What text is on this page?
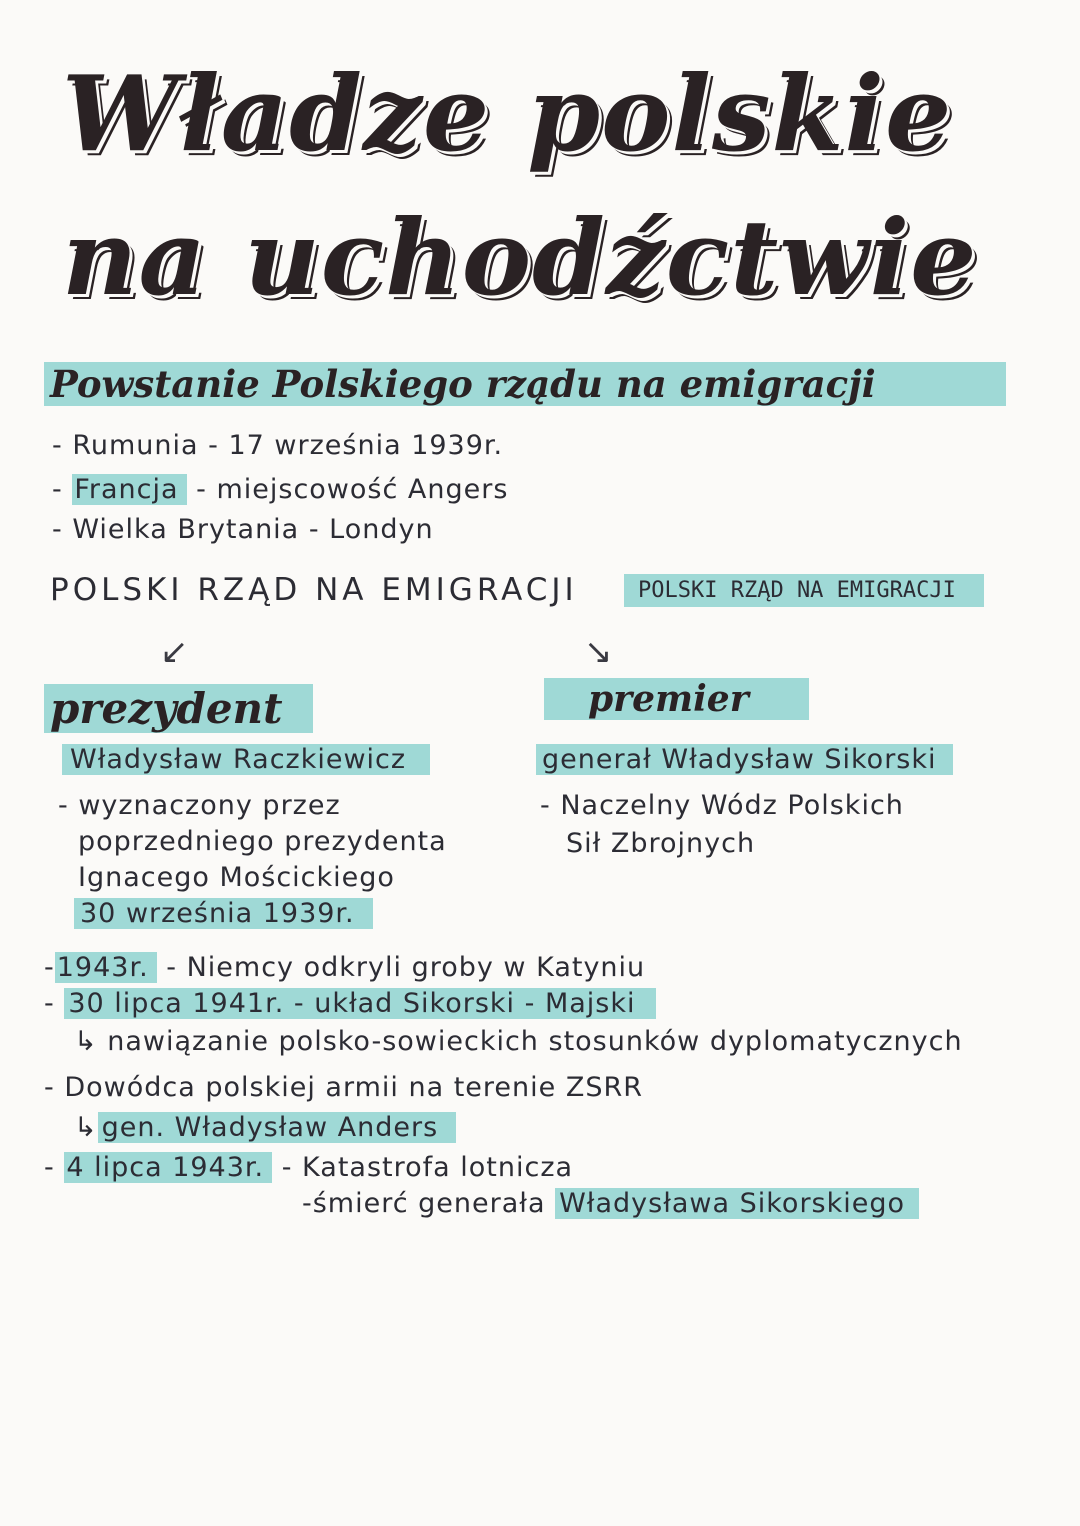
Władze polskie
na uchodźctwie
Powstanie Polskiego rządu na emigracji
- Rumunia - 17 września 1939r.
- Francja - miejscowość Angers
- Wielka Brytania - Londyn
POLSKI RZĄD NA EMIGRACJI	POLSKI RZĄD NA EMIGRACJI
↙	↘
prezydent
Władysław Raczkiewicz
- wyznaczony przez
poprzedniego prezydenta
Ignacego Mościckiego
30 września 1939r.
premier
generał Władysław Sikorski
- Naczelny Wódz Polskich
Sił Zbrojnych
-1943r. - Niemcy odkryli groby w Katyniu
- 30 lipca 1941r. - układ Sikorski - Majski
↳ nawiązanie polsko-sowieckich stosunków dyplomatycznych
- Dowódca polskiej armii na terenie ZSRR
↳ gen. Władysław Anders
- 4 lipca 1943r. - Katastrofa lotnicza
-śmierć generała Władysława Sikorskiego
